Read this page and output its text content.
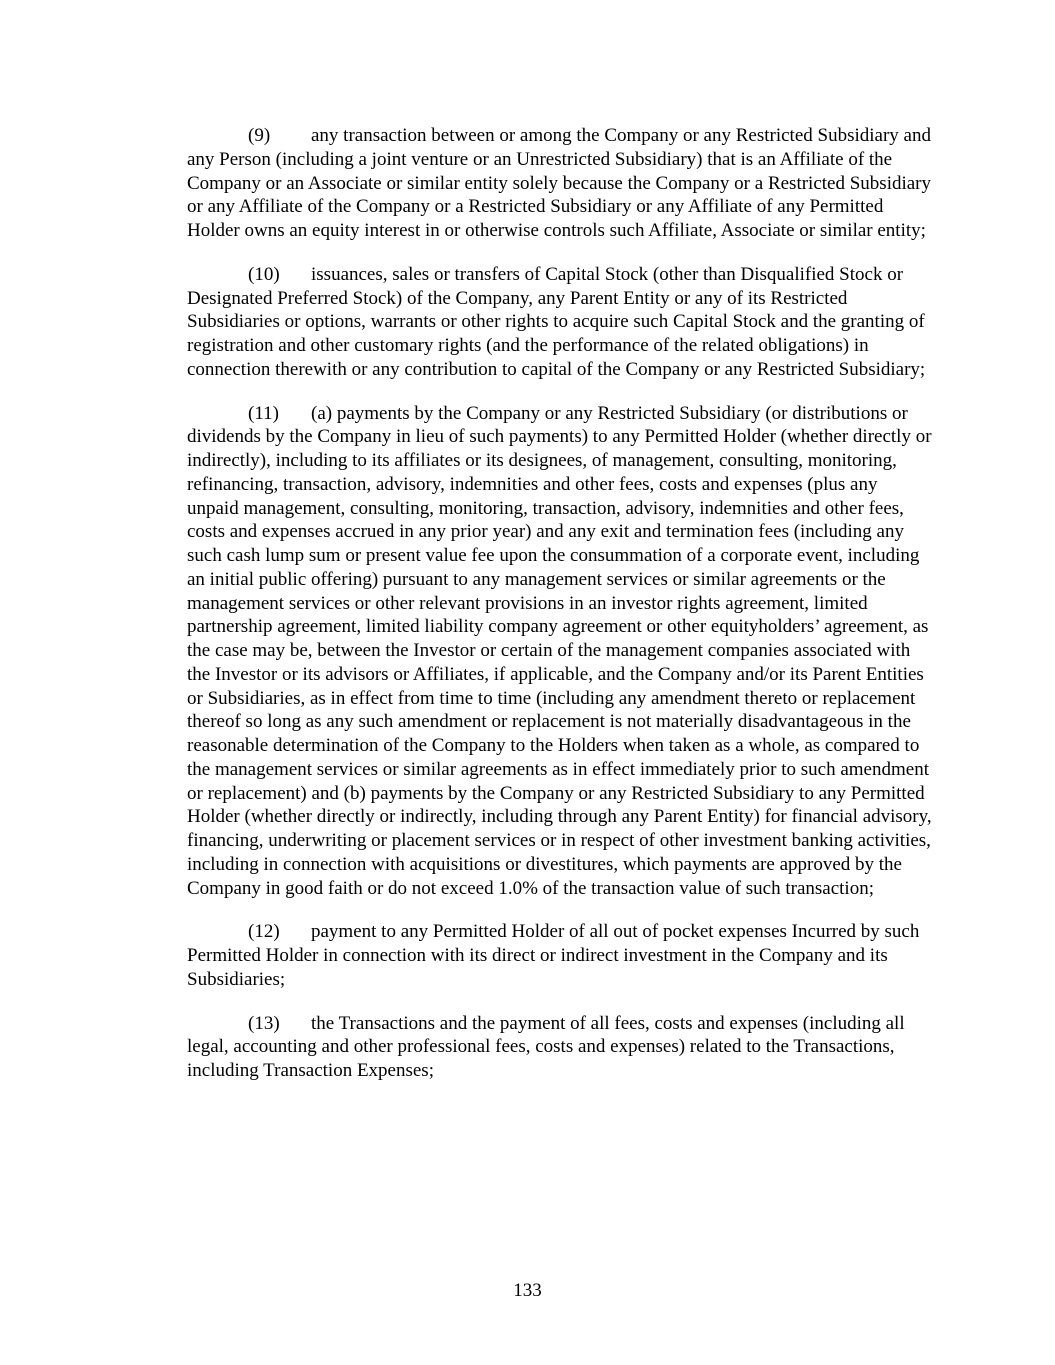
(9) any transaction between or among the Company or any Restricted Subsidiary and any Person (including a joint venture or an Unrestricted Subsidiary) that is an Affiliate of the Company or an Associate or similar entity solely because the Company or a Restricted Subsidiary or any Affiliate of the Company or a Restricted Subsidiary or any Affiliate of any Permitted Holder owns an equity interest in or otherwise controls such Affiliate, Associate or similar entity;

(10) issuances, sales or transfers of Capital Stock (other than Disqualified Stock or Designated Preferred Stock) of the Company, any Parent Entity or any of its Restricted Subsidiaries or options, warrants or other rights to acquire such Capital Stock and the granting of registration and other customary rights (and the performance of the related obligations) in connection therewith or any contribution to capital of the Company or any Restricted Subsidiary;

(11) (a) payments by the Company or any Restricted Subsidiary (or distributions or dividends by the Company in lieu of such payments) to any Permitted Holder (whether directly or indirectly), including to its affiliates or its designees, of management, consulting, monitoring, refinancing, transaction, advisory, indemnities and other fees, costs and expenses (plus any unpaid management, consulting, monitoring, transaction, advisory, indemnities and other fees, costs and expenses accrued in any prior year) and any exit and termination fees (including any such cash lump sum or present value fee upon the consummation of a corporate event, including an initial public offering) pursuant to any management services or similar agreements or the management services or other relevant provisions in an investor rights agreement, limited partnership agreement, limited liability company agreement or other equityholders’ agreement, as the case may be, between the Investor or certain of the management companies associated with the Investor or its advisors or Affiliates, if applicable, and the Company and/or its Parent Entities or Subsidiaries, as in effect from time to time (including any amendment thereto or replacement thereof so long as any such amendment or replacement is not materially disadvantageous in the reasonable determination of the Company to the Holders when taken as a whole, as compared to the management services or similar agreements as in effect immediately prior to such amendment or replacement) and (b) payments by the Company or any Restricted Subsidiary to any Permitted Holder (whether directly or indirectly, including through any Parent Entity) for financial advisory, financing, underwriting or placement services or in respect of other investment banking activities, including in connection with acquisitions or divestitures, which payments are approved by the Company in good faith or do not exceed 1.0% of the transaction value of such transaction;

(12) payment to any Permitted Holder of all out of pocket expenses Incurred by such Permitted Holder in connection with its direct or indirect investment in the Company and its Subsidiaries;

(13) the Transactions and the payment of all fees, costs and expenses (including all legal, accounting and other professional fees, costs and expenses) related to the Transactions, including Transaction Expenses;

133
